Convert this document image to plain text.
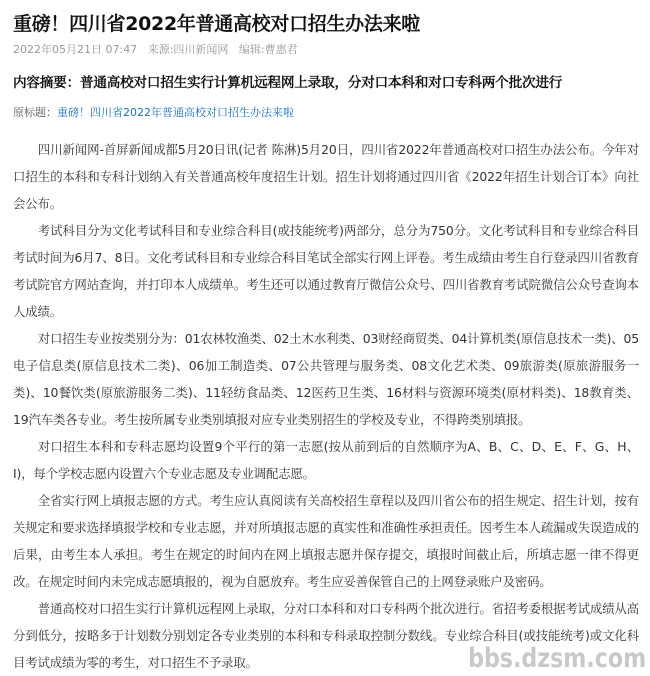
重磅！四川省2022年普通高校对口招生办法来啦
2022年05月21日 07:47 来源:四川新闻网 编辑:曹惠君
内容摘要：普通高校对口招生实行计算机远程网上录取，分对口本科和对口专科两个批次进行
原标题：重磅！四川省2022年普通高校对口招生办法来啦

四川新闻网-首屏新闻成都5月20日讯(记者 陈淋)5月20日，四川省2022年普通高校对口招生办法公布。今年对口招生的本科和专科计划纳入有关普通高校年度招生计划。招生计划将通过四川省《2022年招生计划合订本》向社会公布。

考试科目分为文化考试科目和专业综合科目(或技能统考)两部分，总分为750分。文化考试科目和专业综合科目考试时间为6月7、8日。文化考试科目和专业综合科目笔试全部实行网上评卷。考生成绩由考生自行登录四川省教育考试院官方网站查询，并打印本人成绩单。考生还可以通过教育厅微信公众号、四川省教育考试院微信公众号查询本人成绩。

对口招生专业按类别分为：01农林牧渔类、02土木水利类、03财经商贸类、04计算机类(原信息技术一类)、05电子信息类(原信息技术二类)、06加工制造类、07公共管理与服务类、08文化艺术类、09旅游类(原旅游服务一类)、10餐饮类(原旅游服务二类)、11轻纺食品类、12医药卫生类、16材料与资源环境类(原材料类)、18教育类、19汽车类各专业。考生按所属专业类别填报对应专业类别招生的学校及专业，不得跨类别填报。

对口招生本科和专科志愿均设置9个平行的第一志愿(按从前到后的自然顺序为A、B、C、D、E、F、G、H、I)，每个学校志愿内设置六个专业志愿及专业调配志愿。

全省实行网上填报志愿的方式。考生应认真阅读有关高校招生章程以及四川省公布的招生规定、招生计划，按有关规定和要求选择填报学校和专业志愿，并对所填报志愿的真实性和准确性承担责任。因考生本人疏漏或失误造成的后果，由考生本人承担。考生在规定的时间内在网上填报志愿并保存提交，填报时间截止后，所填志愿一律不得更改。在规定时间内未完成志愿填报的，视为自愿放弃。考生应妥善保管自己的上网登录账户及密码。

普通高校对口招生实行计算机远程网上录取，分对口本科和对口专科两个批次进行。省招考委根据考试成绩从高分到低分，按略多于计划数分别划定各专业类别的本科和专科录取控制分数线。专业综合科目(或技能统考)或文化科目考试成绩为零的考生，对口招生不予录取。	bbs.dzsm.com
